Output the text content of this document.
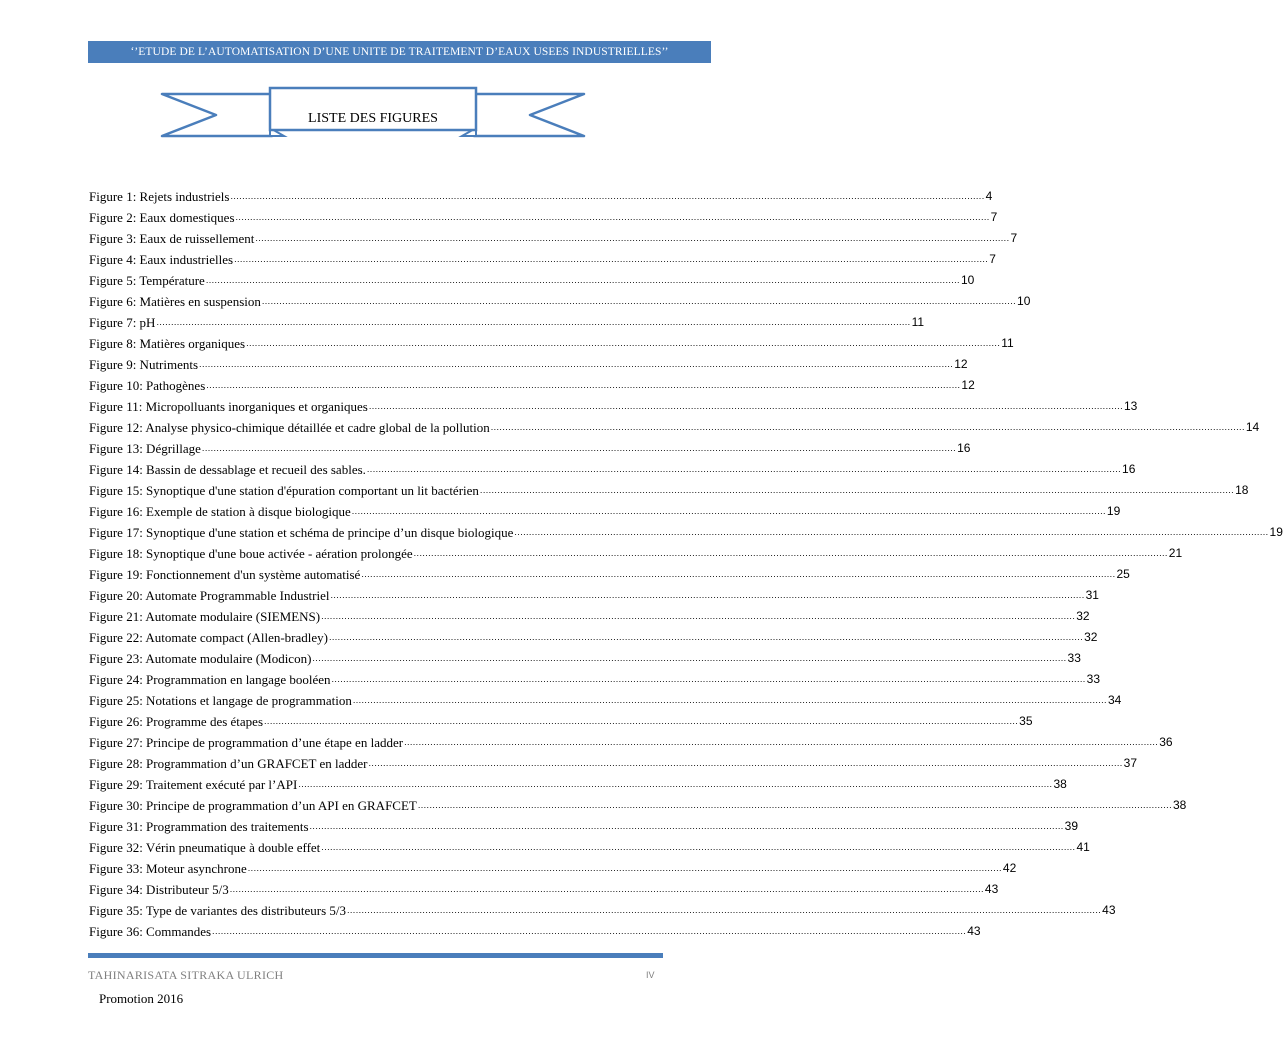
‘’ETUDE DE L’AUTOMATISATION D’UNE UNITE DE TRAITEMENT D’EAUX USEES INDUSTRIELLES’’
LISTE DES FIGURES
Figure 1: Rejets industriels .................................................................................................................................................................................................................................................................... 4
Figure 2: Eaux domestiques .................................................................................................................................................................................................................................................................... 7
Figure 3: Eaux de ruissellement .................................................................................................................................................................................................................................................................... 7
Figure 4: Eaux industrielles .................................................................................................................................................................................................................................................................... 7
Figure 5: Température .................................................................................................................................................................................................................................................................... 10
Figure 6: Matières en suspension .................................................................................................................................................................................................................................................................... 10
Figure 7: pH .................................................................................................................................................................................................................................................................... 11
Figure 8: Matières organiques .................................................................................................................................................................................................................................................................... 11
Figure 9: Nutriments .................................................................................................................................................................................................................................................................... 12
Figure 10: Pathogènes .................................................................................................................................................................................................................................................................... 12
Figure 11: Micropolluants inorganiques et organiques .................................................................................................................................................................................................................................................................... 13
Figure 12: Analyse physico-chimique détaillée et cadre global de la pollution .................................................................................................................................................................................................................................................................... 14
Figure 13: Dégrillage .................................................................................................................................................................................................................................................................... 16
Figure 14: Bassin de dessablage et recueil des sables. .................................................................................................................................................................................................................................................................... 16
Figure 15: Synoptique d'une station d'épuration comportant un lit bactérien .................................................................................................................................................................................................................................................................... 18
Figure 16: Exemple de station à disque biologique .................................................................................................................................................................................................................................................................... 19
Figure 17: Synoptique d'une station et schéma de principe d’un disque biologique .................................................................................................................................................................................................................................................................... 19
Figure 18: Synoptique d'une boue activée - aération prolongée .................................................................................................................................................................................................................................................................... 21
Figure 19: Fonctionnement d'un système automatisé .................................................................................................................................................................................................................................................................... 25
Figure 20: Automate Programmable Industriel .................................................................................................................................................................................................................................................................... 31
Figure 21: Automate modulaire (SIEMENS) .................................................................................................................................................................................................................................................................... 32
Figure 22: Automate compact (Allen-bradley) .................................................................................................................................................................................................................................................................... 32
Figure 23: Automate modulaire (Modicon) .................................................................................................................................................................................................................................................................... 33
Figure 24: Programmation en langage booléen .................................................................................................................................................................................................................................................................... 33
Figure 25: Notations et langage de programmation .................................................................................................................................................................................................................................................................... 34
Figure 26: Programme des étapes .................................................................................................................................................................................................................................................................... 35
Figure 27: Principe de programmation d’une étape en ladder .................................................................................................................................................................................................................................................................... 36
Figure 28: Programmation d’un GRAFCET en ladder .................................................................................................................................................................................................................................................................... 37
Figure 29: Traitement exécuté par l’API .................................................................................................................................................................................................................................................................... 38
Figure 30: Principe de programmation d’un API en GRAFCET .................................................................................................................................................................................................................................................................... 38
Figure 31: Programmation des traitements .................................................................................................................................................................................................................................................................... 39
Figure 32: Vérin pneumatique à double effet .................................................................................................................................................................................................................................................................... 41
Figure 33: Moteur asynchrone .................................................................................................................................................................................................................................................................... 42
Figure 34: Distributeur 5/3 .................................................................................................................................................................................................................................................................... 43
Figure 35: Type de variantes des distributeurs 5/3 .................................................................................................................................................................................................................................................................... 43
Figure 36: Commandes .................................................................................................................................................................................................................................................................... 43
TAHINARISATA SITRAKA ULRICH	IV
Promotion 2016
